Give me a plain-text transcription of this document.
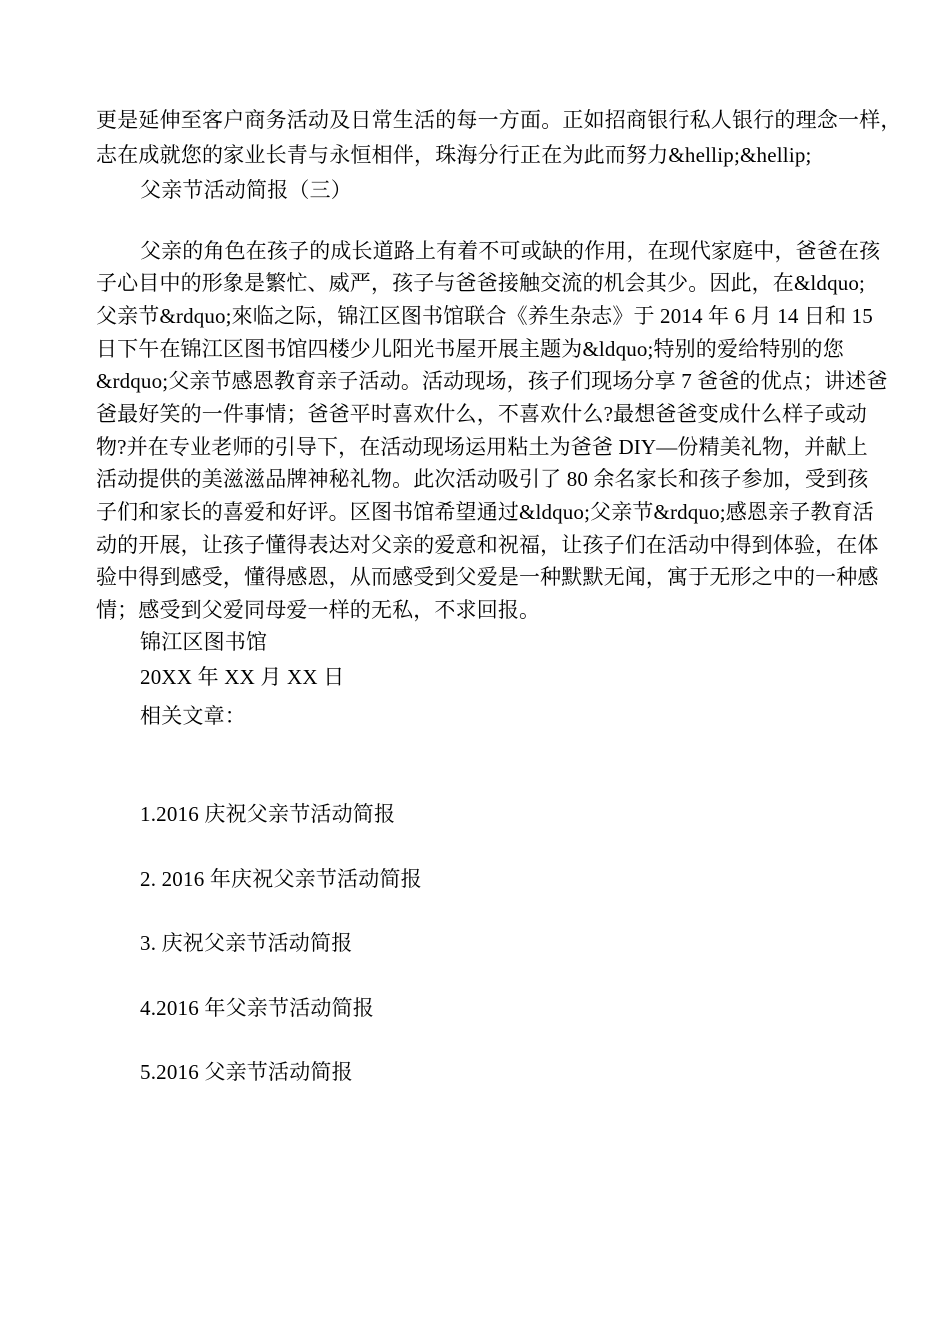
更是延伸至客户商务活动及日常生活的每一方面。正如招商银行私人银行的理念一样，
志在成就您的家业长青与永恒相伴，珠海分行正在为此而努力&hellip;&hellip;
父亲节活动简报（三）
父亲的角色在孩子的成长道路上有着不可或缺的作用，在现代家庭中，爸爸在孩
子心目中的形象是繁忙、威严，孩子与爸爸接触交流的机会其少。因此，在&ldquo;
父亲节&rdquo;來临之际，锦江区图书馆联合《养生杂志》于 2014 年 6 月 14 日和 15
日下午在锦江区图书馆四楼少儿阳光书屋开展主题为&ldquo;特别的爱给特别的您
&rdquo;父亲节感恩教育亲子活动。活动现场，孩子们现场分享 7 爸爸的优点；讲述爸
爸最好笑的一件事情；爸爸平时喜欢什么，不喜欢什么?最想爸爸变成什么样子或动
物?并在专业老师的引导下，在活动现场运用粘土为爸爸 DIY—份精美礼物，并献上
活动提供的美滋滋品牌神秘礼物。此次活动吸引了 80 余名家长和孩子参加，受到孩
子们和家长的喜爱和好评。区图书馆希望通过&ldquo;父亲节&rdquo;感恩亲子教育活
动的开展，让孩子懂得表达对父亲的爱意和祝福，让孩子们在活动中得到体验，在体
验中得到感受，懂得感恩，从而感受到父爱是一种默默无闻，寓于无形之中的一种感
情；感受到父爱同母爱一样的无私，不求回报。
锦江区图书馆
20XX 年 XX 月 XX 日
相关文章：
1.2016 庆祝父亲节活动简报
2. 2016 年庆祝父亲节活动简报
3. 庆祝父亲节活动简报
4.2016 年父亲节活动简报
5.2016 父亲节活动简报
